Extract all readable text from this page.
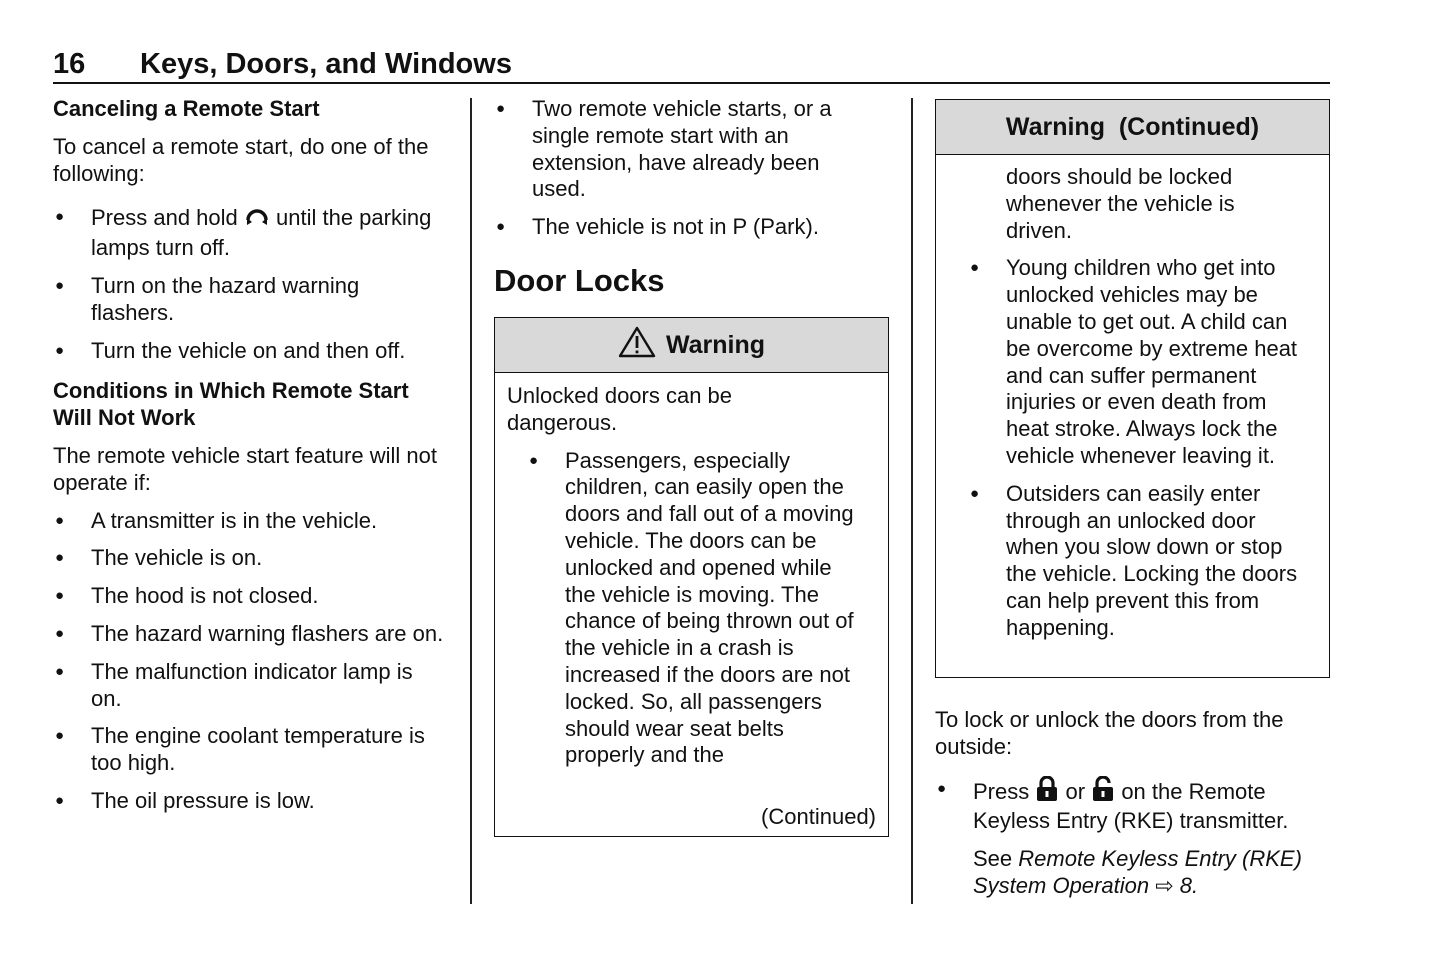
16 Keys, Doors, and Windows

Canceling a Remote Start

To cancel a remote start, do one of the following:

● Press and hold until the parking lamps turn off.
● Turn on the hazard warning flashers.
● Turn the vehicle on and then off.

Conditions in Which Remote Start Will Not Work

The remote vehicle start feature will not operate if:

● A transmitter is in the vehicle.
● The vehicle is on.
● The hood is not closed.
● The hazard warning flashers are on.
● The malfunction indicator lamp is on.
● The engine coolant temperature is too high.
● The oil pressure is low.
● Two remote vehicle starts, or a single remote start with an extension, have already been used.
● The vehicle is not in P (Park).
Door Locks
Warning

Unlocked doors can be dangerous.

● Passengers, especially children, can easily open the doors and fall out of a moving vehicle. The doors can be unlocked and opened while the vehicle is moving. The chance of being thrown out of the vehicle in a crash is increased if the doors are not locked. So, all passengers should wear seat belts properly and the
(Continued)
Warning  (Continued)

doors should be locked whenever the vehicle is driven.

● Young children who get into unlocked vehicles may be unable to get out. A child can be overcome by extreme heat and can suffer permanent injuries or even death from heat stroke. Always lock the vehicle whenever leaving it.
● Outsiders can easily enter through an unlocked door when you slow down or stop the vehicle. Locking the doors can help prevent this from happening.

To lock or unlock the doors from the outside:

● Press or on the Remote Keyless Entry (RKE) transmitter.

See Remote Keyless Entry (RKE) System Operation ⇨ 8.
